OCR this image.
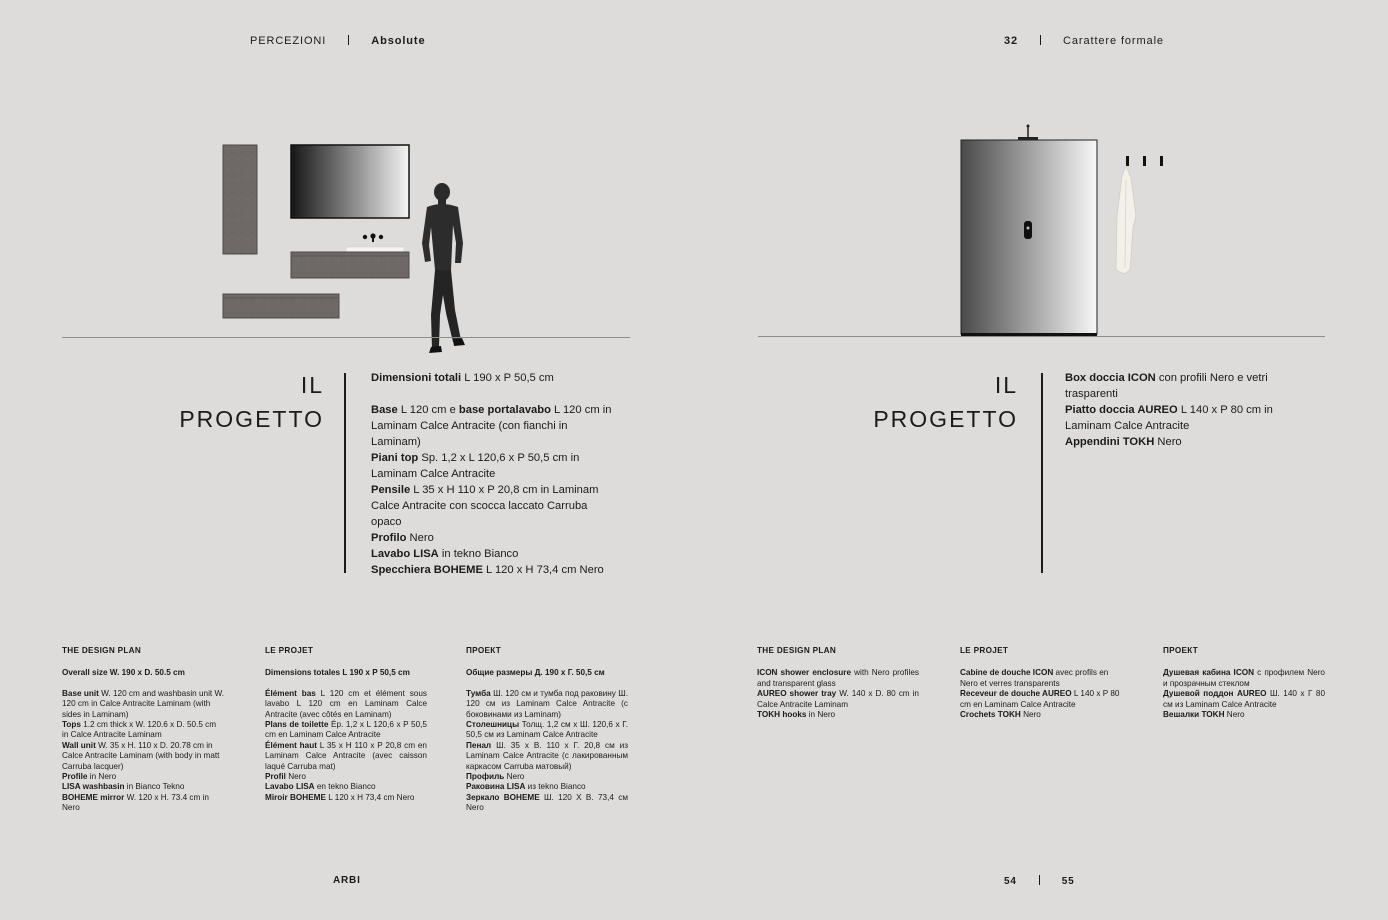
PERCEZIONI	Absolute	32	Carattere formale
IL
PROGETTO

Dimensioni totali L 190 x P 50,5 cm

Base L 120 cm e base portalavabo L 120 cm in Laminam Calce Antracite (con fianchi in Laminam)

Piani top Sp. 1,2 x L 120,6 x P 50,5 cm in Laminam Calce Antracite

Pensile L 35 x H 110 x P 20,8 cm in Laminam Calce Antracite con scocca laccato Carruba opaco

Profilo Nero

Lavabo LISA in tekno Bianco

Specchiera BOHEME L 120 x H 73,4 cm Nero

IL
PROGETTO

Box doccia ICON con profili Nero e vetri trasparenti

Piatto doccia AUREO L 140 x P 80 cm in Laminam Calce Antracite

Appendini TOKH Nero

THE DESIGN PLAN
Overall size W. 190 x D. 50.5 cm

Base unit W. 120 cm and washbasin unit W. 120 cm in Calce Antracite Laminam (with sides in Laminam)

Tops 1.2 cm thick x W. 120.6 x D. 50.5 cm in Calce Antracite Laminam

Wall unit W. 35 x H. 110 x D. 20.78 cm in Calce Antracite Laminam (with body in matt Carruba lacquer)

Profile in Nero

LISA washbasin in Bianco Tekno

BOHEME mirror W. 120 x H. 73.4 cm in Nero

LE PROJET
Dimensions totales L 190 x P 50,5 cm

Élément bas L 120 cm et élément sous lavabo L 120 cm en Laminam Calce Antracite (avec côtés en Laminam)

Plans de toilette Ép. 1,2 x L 120,6 x P 50,5 cm en Laminam Calce Antracite

Élément haut L 35 x H 110 x P 20,8 cm en Laminam Calce Antracite (avec caisson laqué Carruba mat)

Profil Nero

Lavabo LISA en tekno Bianco

Miroir BOHEME L 120 x H 73,4 cm Nero

ПРОЕКТ
Общие размеры Д. 190 x Г. 50,5 см

Тумба Ш. 120 см и тумба под раковину Ш. 120 см из Laminam Calce Antracite (с боковинами из Laminam)

Столешницы Толщ. 1,2 см x Ш. 120,6 x Г. 50,5 см из Laminam Calce Antracite

Пенал Ш. 35 x В. 110 x Г. 20,8 см из Laminam Calce Antracite (с лакированным каркасом Carruba матовый)

Профиль Nero

Раковина LISA из tekno Bianco

Зеркало BOHEME Ш. 120 X В. 73,4 см Nero

THE DESIGN PLAN

ICON shower enclosure with Nero profiles and transparent glass

AUREO shower tray W. 140 x D. 80 cm in Calce Antracite Laminam

TOKH hooks in Nero

LE PROJET

Cabine de douche ICON avec profils en Nero et verres transparents

Receveur de douche AUREO L 140 x P 80 cm en Laminam Calce Antracite

Crochets TOKH Nero

ПРОЕКТ

Душевая кабина ICON с профилем Nero и прозрачным стеклом

Душевой поддон AUREO Ш. 140 x Г 80 см из Laminam Calce Antracite

Вешалки TOKH Nero

ARBI	54	55
